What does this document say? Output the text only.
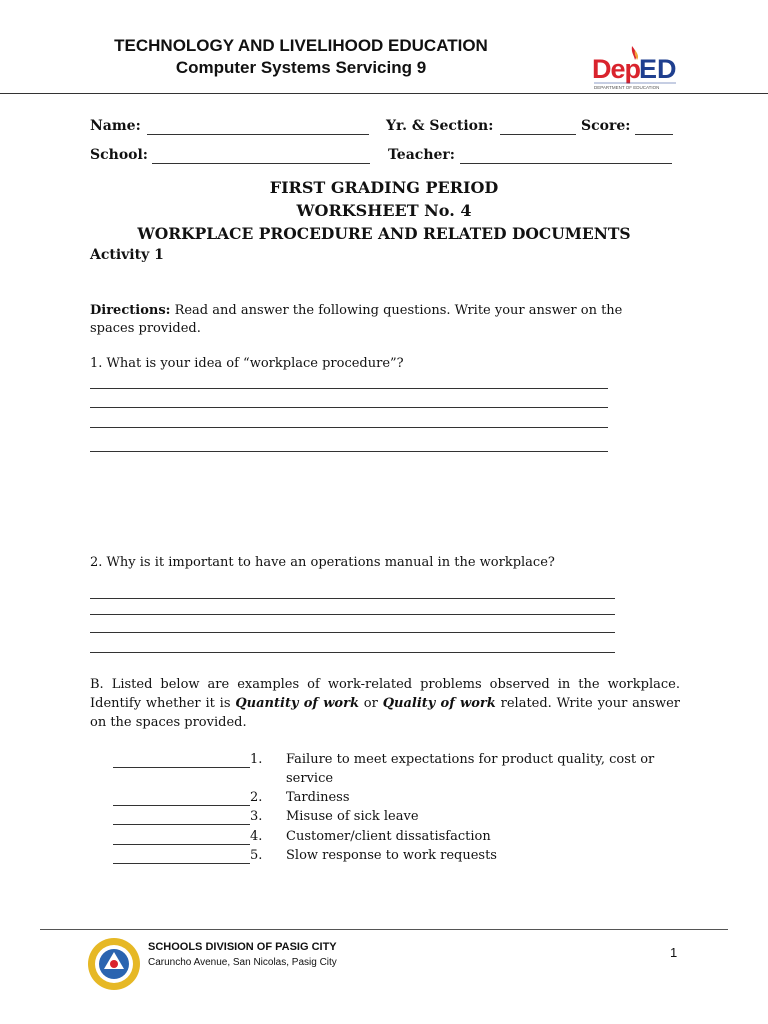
TECHNOLOGY AND LIVELIHOOD EDUCATION
Computer Systems Servicing 9	Dep
ED
DEPARTMENT OF EDUCATION
Name:	Yr. & Section:	Score:
School:	Teacher:
FIRST GRADING PERIOD
WORKSHEET No. 4
WORKPLACE PROCEDURE AND RELATED DOCUMENTS
Activity 1
Directions: Read and answer the following questions. Write your answer on the spaces provided.
1. What is your idea of “workplace procedure”?
2. Why is it important to have an operations manual in the workplace?
B. Listed below are examples of work-related problems observed in the workplace. Identify whether it is Quantity of work or Quality of work related. Write your answer on the spaces provided.
1. Failure to meet expectations for product quality, cost or
service
2. Tardiness
3. Misuse of sick leave
4. Customer/client dissatisfaction
5. Slow response to work requests
SCHOOLS DIVISION OF PASIG CITY
Caruncho Avenue, San Nicolas, Pasig City
1
